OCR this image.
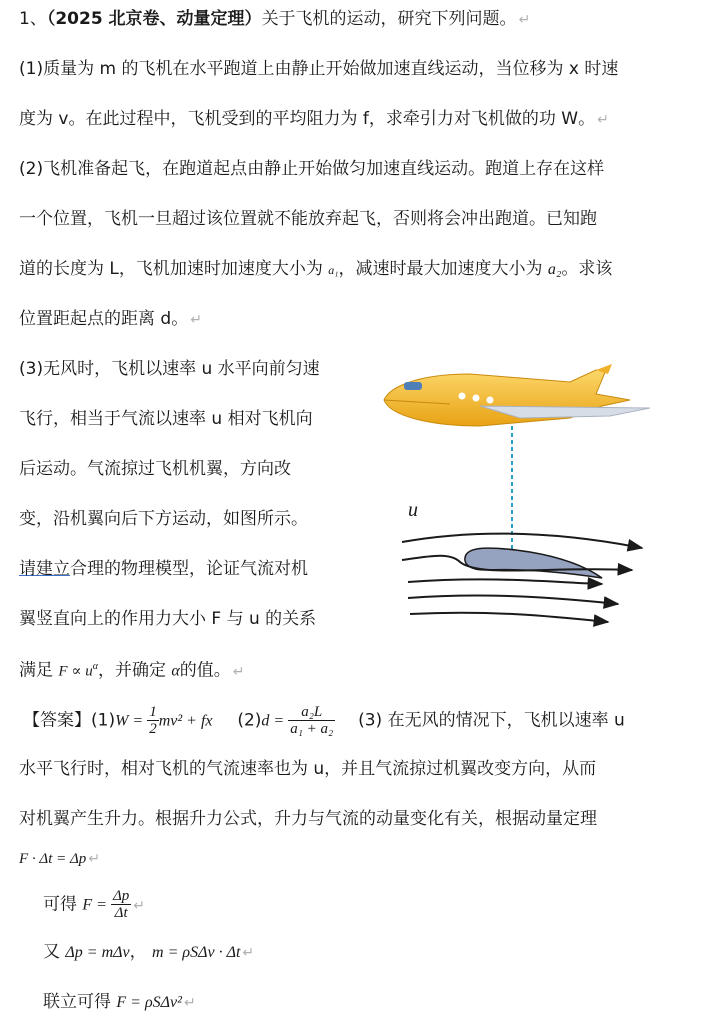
1、（2025 北京卷、动量定理）关于飞机的运动，研究下列问题。 ↵
(1)质量为 m 的飞机在水平跑道上由静止开始做加速直线运动，当位移为 x 时速
度为 v。在此过程中，飞机受到的平均阻力为 f，求牵引力对飞机做的功 W。 ↵
(2)飞机准备起飞，在跑道起点由静止开始做匀加速直线运动。跑道上存在这样
一个位置，飞机一旦超过该位置就不能放弃起飞，否则将会冲出跑道。已知跑
道的长度为 L，飞机加速时加速度大小为 a₁，减速时最大加速度大小为 a₂。求该
位置距起点的距离 d。 ↵
(3)无风时，飞机以速率 u 水平向前匀速
飞行，相当于气流以速率 u 相对飞机向
后运动。气流掠过飞机机翼，方向改
变，沿机翼向后下方运动，如图所示。
请建立合理的物理模型，论证气流对机
翼竖直向上的作用力大小 F 与 u 的关系
满足 $F \propto u^\alpha$，并确定 α的值。 ↵
u
【答案】$(1)W = \frac{1}{2} mv^2$ + fx $(2)d = \frac{\text{a₂L}}{\text{a₁ + a₂}} (3)$ 在无风的情况下，飞机以速率 u
水平飞行时，相对飞机的气流速率也为 u，并且气流掠过机翼改变方向，从而
对机翼产生升力。根据升力公式，升力与气流的动量变化有关，根据动量定理
F · Δt = Δp ↵
可得 $F = \frac{\Delta p}{\Delta t}$ ↵
又 Δp = mΔv， m = ρSΔv · Δt ↵
联立可得 F = ρSΔv² ↵
